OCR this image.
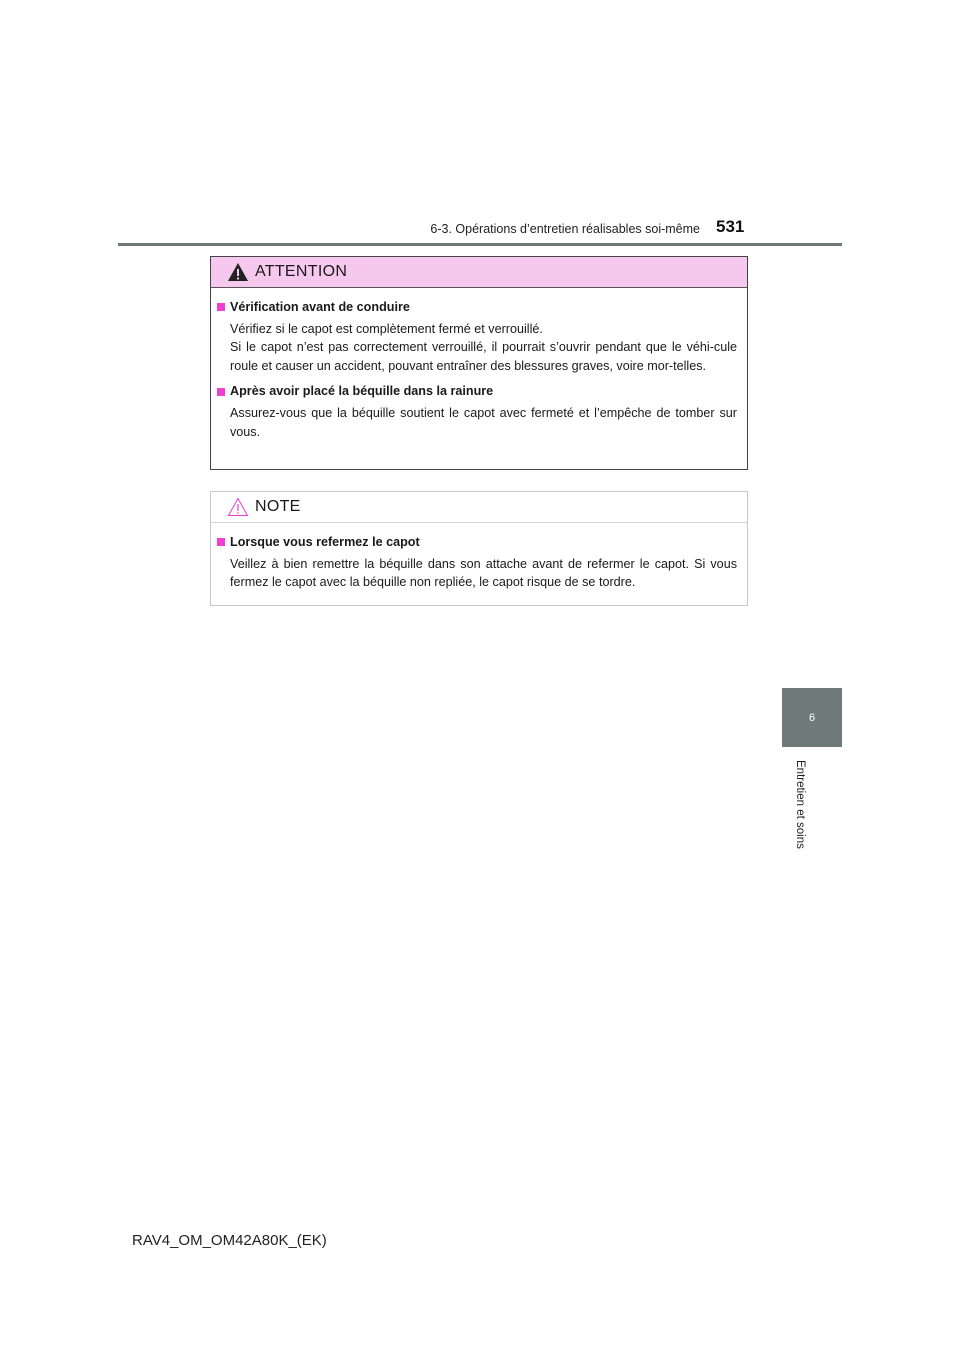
6-3. Opérations d’entretien réalisables soi-même 531
ATTENTION
Vérification avant de conduire
Vérifiez si le capot est complètement fermé et verrouillé.
Si le capot n’est pas correctement verrouillé, il pourrait s’ouvrir pendant que le véhi-cule roule et causer un accident, pouvant entraîner des blessures graves, voire mor-telles.
Après avoir placé la béquille dans la rainure
Assurez-vous que la béquille soutient le capot avec fermeté et l’empêche de tomber sur vous.
NOTE
Lorsque vous refermez le capot
Veillez à bien remettre la béquille dans son attache avant de refermer le capot. Si vous fermez le capot avec la béquille non repliée, le capot risque de se tordre.
6
Entretien et soins
RAV4_OM_OM42A80K_(EK)
